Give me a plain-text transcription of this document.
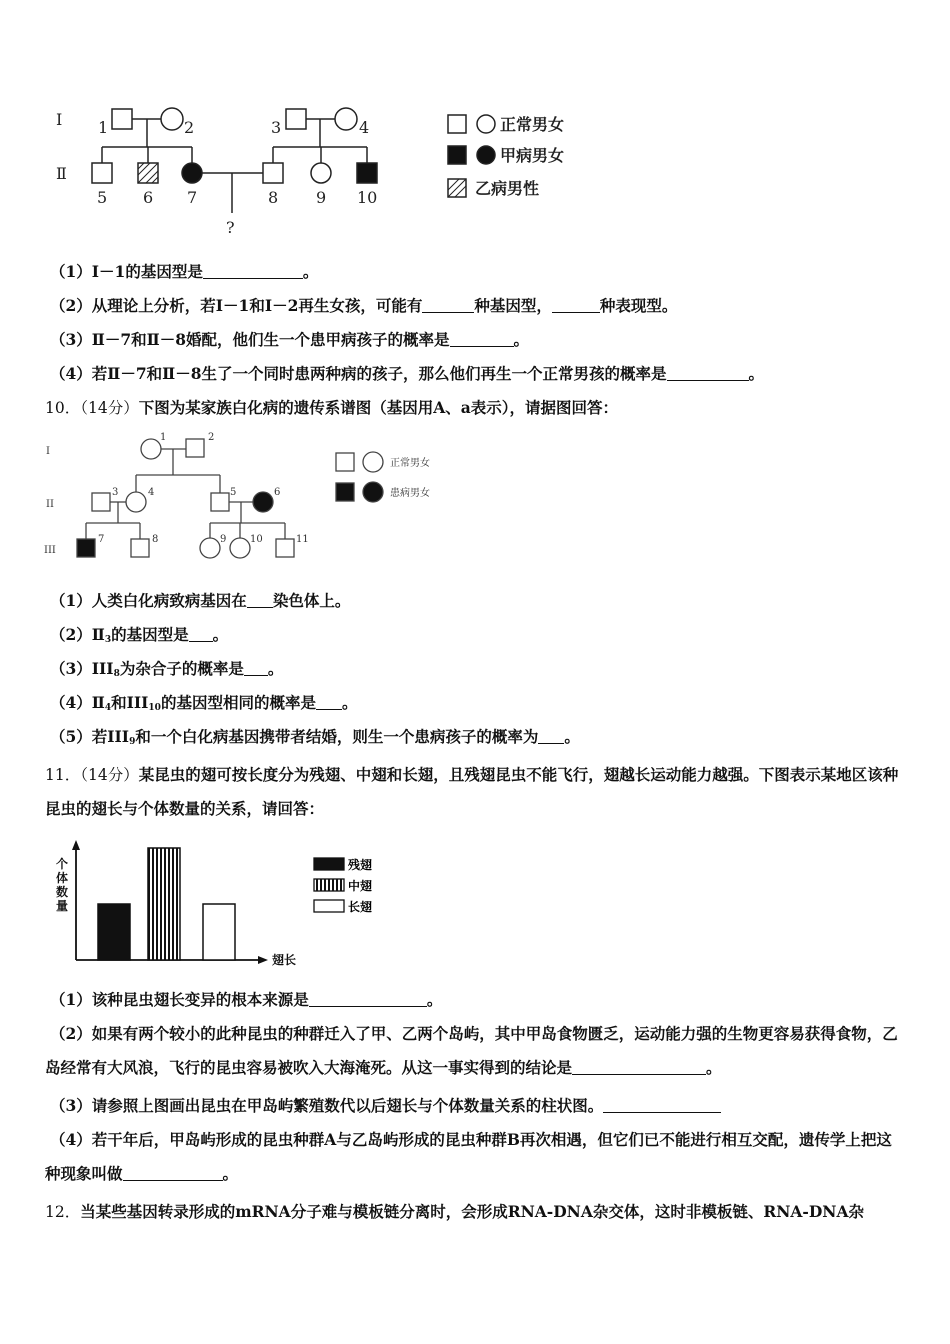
Ⅰ
Ⅱ
1	2	3	4
5 6 7	8 9 10
?
正常男女
甲病男女
乙病男性
（1）Ⅰ－1的基因型是	。
（2）从理论上分析，若Ⅰ－1和Ⅰ－2再生女孩，可能有	种基因型，	种表现型。
（3）Ⅱ－7和Ⅱ－8婚配，他们生一个患甲病孩子的概率是	。
（4）若Ⅱ－7和Ⅱ－8生了一个同时患两种病的孩子，那么他们再生一个正常男孩的概率是	。
10．（14分）下图为某家族白化病的遗传系谱图（基因用A、a表示），请据图回答：
I
II
III
1	2
3	4	5	6
7	8	9 10	11
正常男女
患病男女
（1）人类白化病致病基因在 染色体上。
$(2)Ⅱ_3$的基因型是 。
$(3)III_8$为杂合子的概率是 。
$(4)Ⅱ_4$和$III_{10}$的基因型相同的概率是 。
（5）若$III_9$和一个白化病基因携带者结婚，则生一个患病孩子的概率为 。
11．（14分）某昆虫的翅可按长度分为残翅、中翅和长翅，且残翅昆虫不能飞行，翅越长运动能力越强。下图表示某地区该种昆虫的翅长与个体数量的关系，请回答：
个体数量
翅长
残翅
中翅
长翅
（1）该种昆虫翅长变异的根本来源是	。
（2）如果有两个较小的此种昆虫的种群迁入了甲、乙两个岛屿，其中甲岛食物匮乏，运动能力强的生物更容易获得食物，乙岛经常有大风浪，飞行的昆虫容易被吹入大海淹死。从这一事实得到的结论是	。
（3）请参照上图画出昆虫在甲岛屿繁殖数代以后翅长与个体数量关系的柱状图。
（4）若干年后，甲岛屿形成的昆虫种群A与乙岛屿形成的昆虫种群B再次相遇，但它们已不能进行相互交配，遗传学上把这种现象叫做	。
12．当某些基因转录形成的mRNA分子难与模板链分离时，会形成RNA-DNA杂交体，这时非模板链、RNA-DNA杂
